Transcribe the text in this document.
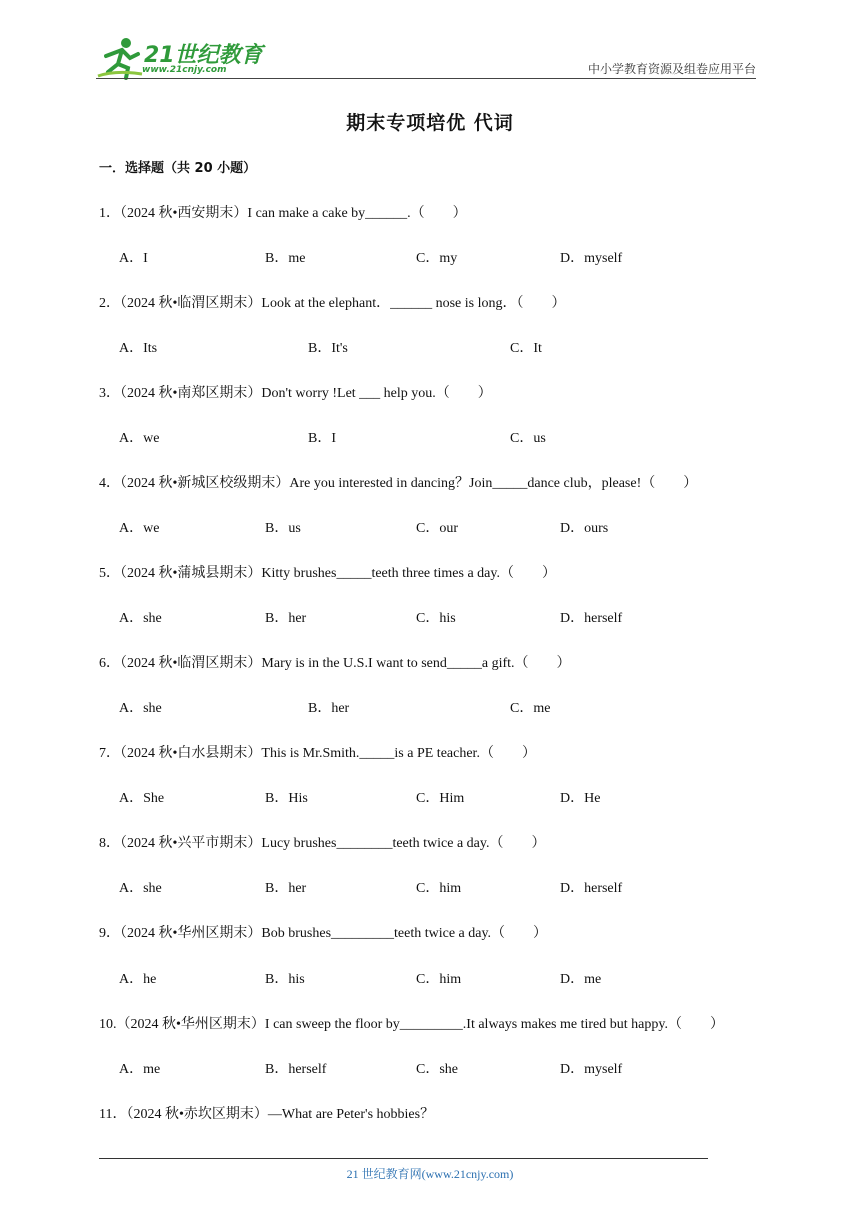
21世纪教育
www.21cnjy.com	中小学教育资源及组卷应用平台
期末专项培优 代词
一．选择题（共 20 小题）
1．（2024 秋•西安期末）I can make a cake by______.（　　）
A．I	B．me	C．my	D．myself
2．（2024 秋•临渭区期末）Look at the elephant．______ nose is long．（　　）
A．Its	B．It's	C．It
3．（2024 秋•南郑区期末）Don't worry !Let ___ help you.（　　）
A．we	B．I	C．us
4．（2024 秋•新城区校级期末）Are you interested in dancing？Join_____dance club，please!（　　）
A．we	B．us	C．our	D．ours
5．（2024 秋•蒲城县期末）Kitty brushes_____teeth three times a day.（　　）
A．she	B．her	C．his	D．herself
6．（2024 秋•临渭区期末）Mary is in the U.S.I want to send_____a gift.（　　）
A．she	B．her	C．me
7．（2024 秋•白水县期末）This is Mr.Smith._____is a PE teacher.（　　）
A．She	B．His	C．Him	D．He
8．（2024 秋•兴平市期末）Lucy brushes________teeth twice a day.（　　）
A．she	B．her	C．him	D．herself
9．（2024 秋•华州区期末）Bob brushes_________teeth twice a day.（　　）
A．he	B．his	C．him	D．me
10.（2024 秋•华州区期末）I can sweep the floor by_________.It always makes me tired but happy.（　　）
A．me	B．herself	C．she	D．myself
11．（2024 秋•赤坎区期末）—What are Peter's hobbies？
21 世纪教育网(www.21cnjy.com)
